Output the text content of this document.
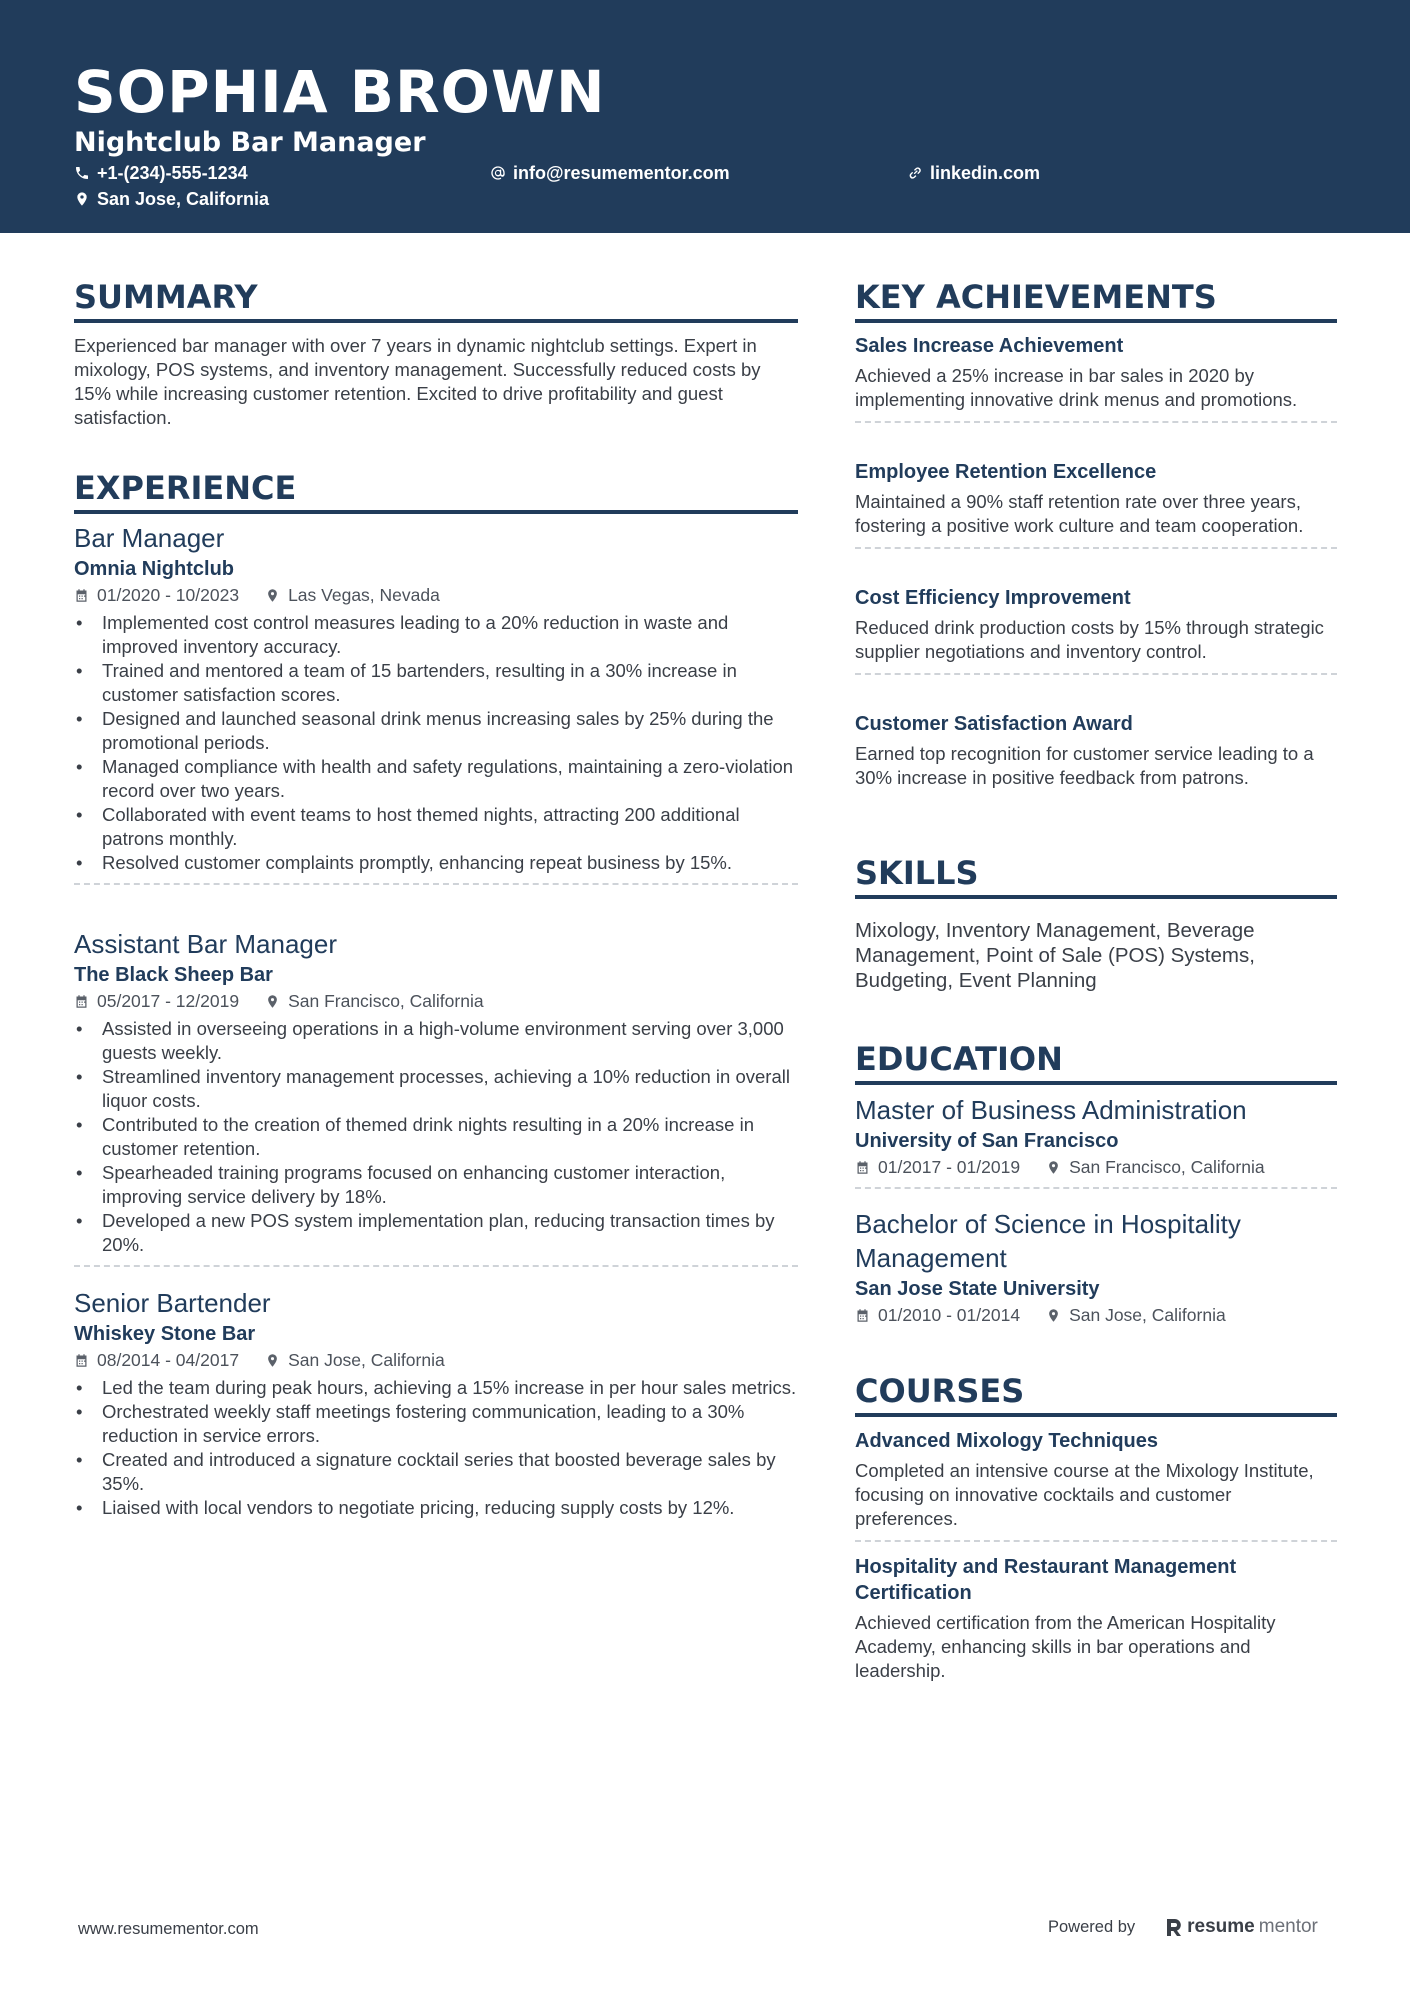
SOPHIA BROWN
Nightclub Bar Manager
+1-(234)-555-1234	info@resumementor.com	linkedin.com
San Jose, California
SUMMARY

Experienced bar manager with over 7 years in dynamic nightclub settings. Expert in mixology, POS systems, and inventory management. Successfully reduced costs by 15% while increasing customer retention. Excited to drive profitability and guest satisfaction.

EXPERIENCE

Bar Manager

Omnia Nightclub

01/2020 - 10/2023	Las Vegas, Nevada
• Implemented cost control measures leading to a 20% reduction in waste and improved inventory accuracy.
• Trained and mentored a team of 15 bartenders, resulting in a 30% increase in customer satisfaction scores.
• Designed and launched seasonal drink menus increasing sales by 25% during the promotional periods.
• Managed compliance with health and safety regulations, maintaining a zero-violation record over two years.
• Collaborated with event teams to host themed nights, attracting 200 additional patrons monthly.
• Resolved customer complaints promptly, enhancing repeat business by 15%.

Assistant Bar Manager

The Black Sheep Bar

05/2017 - 12/2019	San Francisco, California
• Assisted in overseeing operations in a high-volume environment serving over 3,000 guests weekly.
• Streamlined inventory management processes, achieving a 10% reduction in overall liquor costs.
• Contributed to the creation of themed drink nights resulting in a 20% increase in customer retention.
• Spearheaded training programs focused on enhancing customer interaction, improving service delivery by 18%.
• Developed a new POS system implementation plan, reducing transaction times by 20%.

Senior Bartender

Whiskey Stone Bar

08/2014 - 04/2017	San Jose, California
• Led the team during peak hours, achieving a 15% increase in per hour sales metrics.
• Orchestrated weekly staff meetings fostering communication, leading to a 30% reduction in service errors.
• Created and introduced a signature cocktail series that boosted beverage sales by 35%.
• Liaised with local vendors to negotiate pricing, reducing supply costs by 12%.
KEY ACHIEVEMENTS

Sales Increase Achievement

Achieved a 25% increase in bar sales in 2020 by implementing innovative drink menus and promotions.

Employee Retention Excellence

Maintained a 90% staff retention rate over three years, fostering a positive work culture and team cooperation.

Cost Efficiency Improvement

Reduced drink production costs by 15% through strategic supplier negotiations and inventory control.

Customer Satisfaction Award

Earned top recognition for customer service leading to a 30% increase in positive feedback from patrons.

SKILLS

Mixology, Inventory Management, Beverage Management, Point of Sale (POS) Systems, Budgeting, Event Planning

EDUCATION

Master of Business Administration

University of San Francisco

01/2017 - 01/2019	San Francisco, California

Bachelor of Science in Hospitality Management

San Jose State University

01/2010 - 01/2014	San Jose, California
COURSES

Advanced Mixology Techniques

Completed an intensive course at the Mixology Institute, focusing on innovative cocktails and customer preferences.

Hospitality and Restaurant Management Certification

Achieved certification from the American Hospitality Academy, enhancing skills in bar operations and leadership.

www.resumementor.com	Powered by	resume mentor
